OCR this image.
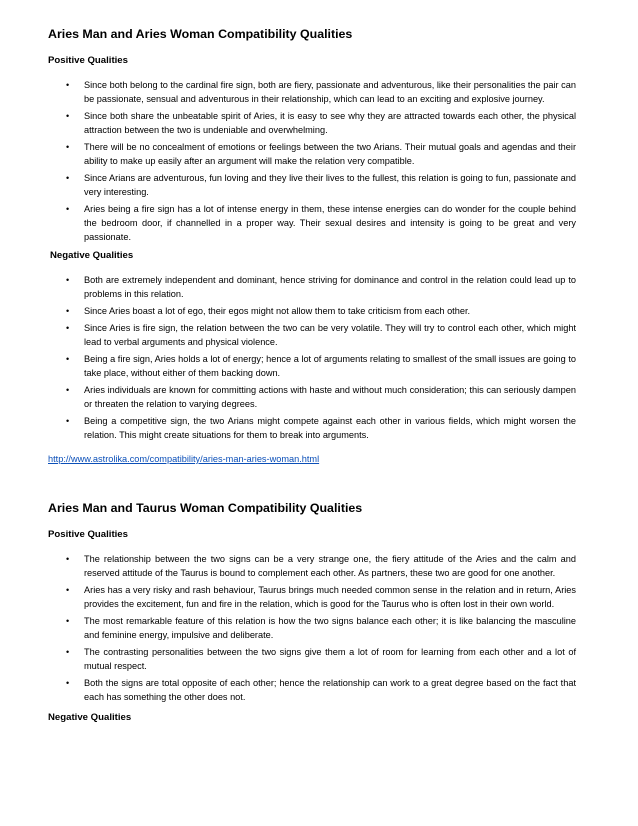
Aries Man and Aries Woman Compatibility Qualities
Positive Qualities
• Since both belong to the cardinal fire sign, both are fiery, passionate and adventurous, like their personalities the pair can be passionate, sensual and adventurous in their relationship, which can lead to an exciting and explosive journey.
• Since both share the unbeatable spirit of Aries, it is easy to see why they are attracted towards each other, the physical attraction between the two is undeniable and overwhelming.
• There will be no concealment of emotions or feelings between the two Arians. Their mutual goals and agendas and their ability to make up easily after an argument will make the relation very compatible.
• Since Arians are adventurous, fun loving and they live their lives to the fullest, this relation is going to fun, passionate and very interesting.
• Aries being a fire sign has a lot of intense energy in them, these intense energies can do wonder for the couple behind the bedroom door, if channelled in a proper way. Their sexual desires and intensity is going to be great and very passionate.
Negative Qualities
• Both are extremely independent and dominant, hence striving for dominance and control in the relation could lead up to problems in this relation.
• Since Aries boast a lot of ego, their egos might not allow them to take criticism from each other.
• Since Aries is fire sign, the relation between the two can be very volatile. They will try to control each other, which might lead to verbal arguments and physical violence.
• Being a fire sign, Aries holds a lot of energy; hence a lot of arguments relating to smallest of the small issues are going to take place, without either of them backing down.
• Aries individuals are known for committing actions with haste and without much consideration; this can seriously dampen or threaten the relation to varying degrees.
• Being a competitive sign, the two Arians might compete against each other in various fields, which might worsen the relation. This might create situations for them to break into arguments.
http://www.astrolika.com/compatibility/aries-man-aries-woman.html
Aries Man and Taurus Woman Compatibility Qualities
Positive Qualities
• The relationship between the two signs can be a very strange one, the fiery attitude of the Aries and the calm and reserved attitude of the Taurus is bound to complement each other. As partners, these two are good for one another.
• Aries has a very risky and rash behaviour, Taurus brings much needed common sense in the relation and in return, Aries provides the excitement, fun and fire in the relation, which is good for the Taurus who is often lost in their own world.
• The most remarkable feature of this relation is how the two signs balance each other; it is like balancing the masculine and feminine energy, impulsive and deliberate.
• The contrasting personalities between the two signs give them a lot of room for learning from each other and a lot of mutual respect.
• Both the signs are total opposite of each other; hence the relationship can work to a great degree based on the fact that each has something the other does not.
Negative Qualities
